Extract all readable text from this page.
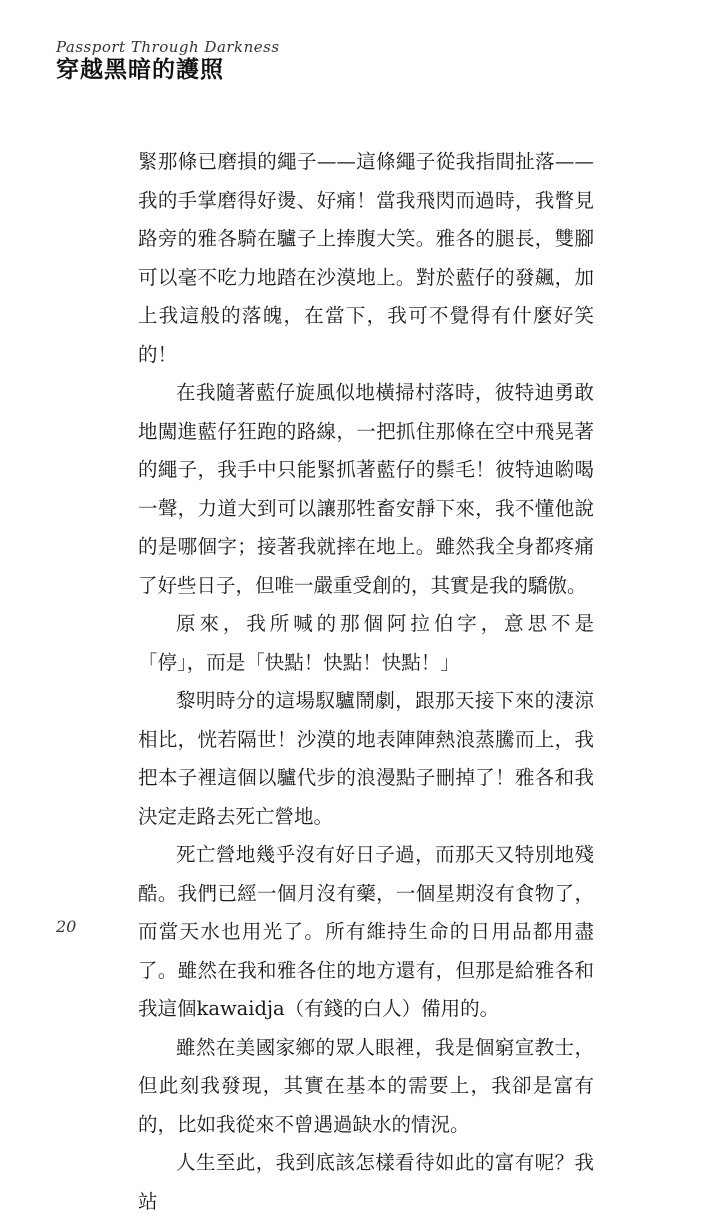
Passport Through Darkness
穿越黑暗的護照

緊那條已磨損的繩子——這條繩子從我指間扯落——我的手掌磨得好燙、好痛！當我飛閃而過時，我瞥見路旁的雅各騎在驢子上捧腹大笑。雅各的腿長，雙腳可以毫不吃力地踏在沙漠地上。對於藍仔的發飆，加上我這般的落魄，在當下，我可不覺得有什麼好笑的！

在我隨著藍仔旋風似地橫掃村落時，彼特迪勇敢地闖進藍仔狂跑的路線，一把抓住那條在空中飛晃著的繩子，我手中只能緊抓著藍仔的鬃毛！彼特迪喲喝一聲，力道大到可以讓那牲畜安靜下來，我不懂他說的是哪個字；接著我就摔在地上。雖然我全身都疼痛了好些日子，但唯一嚴重受創的，其實是我的驕傲。

原來，我所喊的那個阿拉伯字，意思不是「停」，而是「快點！快點！快點！」

黎明時分的這場馭驢鬧劇，跟那天接下來的淒涼相比，恍若隔世！沙漠的地表陣陣熱浪蒸騰而上，我把本子裡這個以驢代步的浪漫點子刪掉了！雅各和我決定走路去死亡營地。

死亡營地幾乎沒有好日子過，而那天又特別地殘酷。我們已經一個月沒有藥，一個星期沒有食物了，而當天水也用光了。所有維持生命的日用品都用盡了。雖然在我和雅各住的地方還有，但那是給雅各和我這個kawaidja（有錢的白人）備用的。

雖然在美國家鄉的眾人眼裡，我是個窮宣教士，但此刻我發現，其實在基本的需要上，我卻是富有的，比如我從來不曾遇過缺水的情況。

人生至此，我到底該怎樣看待如此的富有呢？我站

20
